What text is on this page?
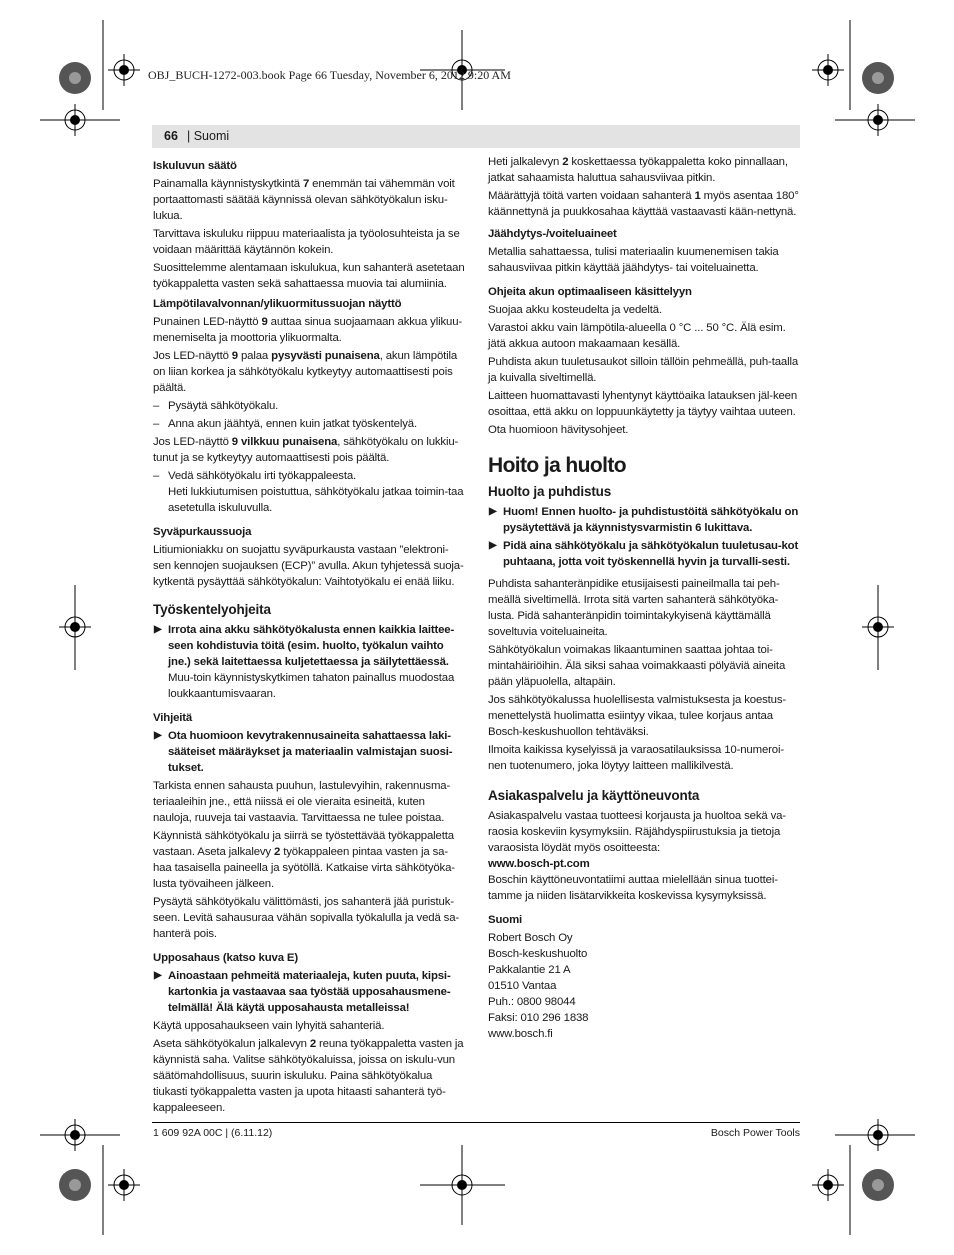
OBJ_BUCH-1272-003.book Page 66 Tuesday, November 6, 2012 9:20 AM
66 | Suomi
Iskuluvun säätö

Painamalla käynnistyskytkintä 7 enemmän tai vähemmän voit portaattomasti säätää käynnissä olevan sähkötyökalun isku-lukua.

Tarvittava iskuluku riippuu materiaalista ja työolosuhteista ja se voidaan määrittää käytännön kokein.

Suosittelemme alentamaan iskulukua, kun sahanterä asetetaan työkappaletta vasten sekä sahattaessa muovia tai alumiinia.

Lämpötilavalvonnan/ylikuormitussuojan näyttö

Punainen LED-näyttö 9 auttaa sinua suojaamaan akkua ylikuu-menemiselta ja moottoria ylikuormalta.

Jos LED-näyttö 9 palaa pysyvästi punaisena, akun lämpötila on liian korkea ja sähkötyökalu kytkeytyy automaattisesti pois päältä.

– Pysäytä sähkötyökalu.
– Anna akun jäähtyä, ennen kuin jatkat työskentelyä.

Jos LED-näyttö 9 vilkkuu punaisena, sähkötyökalu on lukkiu-tunut ja se kytkeytyy automaattisesti pois päältä.

– Vedä sähkötyökalu irti työkappaleesta.
Heti lukkiutumisen poistuttua, sähkötyökalu jatkaa toimin-taa asetetulla iskuluvulla.
Syväpurkaussuoja

Litiumioniakku on suojattu syväpurkausta vastaan ”elektroni-sen kennojen suojauksen (ECP)” avulla. Akun tyhjetessä suoja-kytkentä pysäyttää sähkötyökalun: Vaihtotyökalu ei enää liiku.

Työskentelyohjeita
▶ Irrota aina akku sähkötyökalusta ennen kaikkia laittee-seen kohdistuvia töitä (esim. huolto, työkalun vaihto jne.) sekä laitettaessa kuljetettaessa ja säilytettäessä. Muu-toin käynnistyskytkimen tahaton painallus muodostaa loukkaantumisvaaran.
Vihjeitä
▶ Ota huomioon kevytrakennusaineita sahattaessa laki-sääteiset määräykset ja materiaalin valmistajan suosi-tukset.

Tarkista ennen sahausta puuhun, lastulevyihin, rakennusma-teriaaleihin jne., että niissä ei ole vieraita esineitä, kuten nauloja, ruuveja tai vastaavia. Tarvittaessa ne tulee poistaa.

Käynnistä sähkötyökalu ja siirrä se työstettävää työkappaletta vastaan. Aseta jalkalevy 2 työkappaleen pintaa vasten ja sa-haa tasaisella paineella ja syötöllä. Katkaise virta sähkötyöka-lusta työvaiheen jälkeen.

Pysäytä sähkötyökalu välittömästi, jos sahanterä jää puristuk-seen. Levitä sahausuraa vähän sopivalla työkalulla ja vedä sa-hanterä pois.

Upposahaus (katso kuva E)
▶ Ainoastaan pehmeitä materiaaleja, kuten puuta, kipsi-kartonkia ja vastaavaa saa työstää upposahausmene-telmällä! Älä käytä upposahausta metalleissa!

Käytä upposahaukseen vain lyhyitä sahanteriä.

Aseta sähkötyökalun jalkalevyn 2 reuna työkappaletta vasten ja käynnistä saha. Valitse sähkötyökaluissa, joissa on iskulu-vun säätömahdollisuus, suurin iskuluku. Paina sähkötyökalua tiukasti työkappaletta vasten ja upota hitaasti sahanterä työ-kappaleeseen.

Heti jalkalevyn 2 koskettaessa työkappaletta koko pinnallaan, jatkat sahaamista haluttua sahausviivaa pitkin.

Määrättyjä töitä varten voidaan sahanterä 1 myös asentaa 180° käännettynä ja puukkosahaa käyttää vastaavasti kään-nettynä.

Jäähdytys-/voiteluaineet

Metallia sahattaessa, tulisi materiaalin kuumenemisen takia sahausviivaa pitkin käyttää jäähdytys- tai voiteluainetta.

Ohjeita akun optimaaliseen käsittelyyn

Suojaa akku kosteudelta ja vedeltä.

Varastoi akku vain lämpötila-alueella 0 °C ... 50 °C. Älä esim. jätä akkua autoon makaamaan kesällä.

Puhdista akun tuuletusaukot silloin tällöin pehmeällä, puh-taalla ja kuivalla siveltimellä.

Laitteen huomattavasti lyhentynyt käyttöaika latauksen jäl-keen osoittaa, että akku on loppuunkäytetty ja täytyy vaihtaa uuteen.

Ota huomioon hävitysohjeet.

Hoito ja huolto
Huolto ja puhdistus
▶ Huom! Ennen huolto- ja puhdistustöitä sähkötyökalu on pysäytettävä ja käynnistysvarmistin 6 lukittava.
▶ Pidä aina sähkötyökalu ja sähkötyökalun tuuletusau-kot puhtaana, jotta voit työskennellä hyvin ja turvalli-sesti.

Puhdista sahanteränpidike etusijaisesti paineilmalla tai peh-meällä siveltimellä. Irrota sitä varten sahanterä sähkötyöka-lusta. Pidä sahanteränpidin toimintakykyisenä käyttämällä soveltuvia voiteluaineita.

Sähkötyökalun voimakas likaantuminen saattaa johtaa toi-mintahäiriöihin. Älä siksi sahaa voimakkaasti pölyäviä aineita pään yläpuolella, altapäin.

Jos sähkötyökalussa huolellisesta valmistuksesta ja koestus-menettelystä huolimatta esiintyy vikaa, tulee korjaus antaa Bosch-keskushuollon tehtäväksi.

Ilmoita kaikissa kyselyissä ja varaosatilauksissa 10-numeroi-nen tuotenumero, joka löytyy laitteen mallikilvestä.

Asiakaspalvelu ja käyttöneuvonta

Asiakaspalvelu vastaa tuotteesi korjausta ja huoltoa sekä va-raosia koskeviin kysymyksiin. Räjähdyspiirustuksia ja tietoja varaosista löydät myös osoitteesta:

www.bosch-pt.com

Boschin käyttöneuvontatiimi auttaa mielellään sinua tuottei-tamme ja niiden lisätarvikkeita koskevissa kysymyksissä.

Suomi
Robert Bosch Oy
Bosch-keskushuolto
Pakkalantie 21 A
01510 Vantaa
Puh.: 0800 98044
Faksi: 010 296 1838
www.bosch.fi
1 609 92A 00C | (6.11.12)	Bosch Power Tools
